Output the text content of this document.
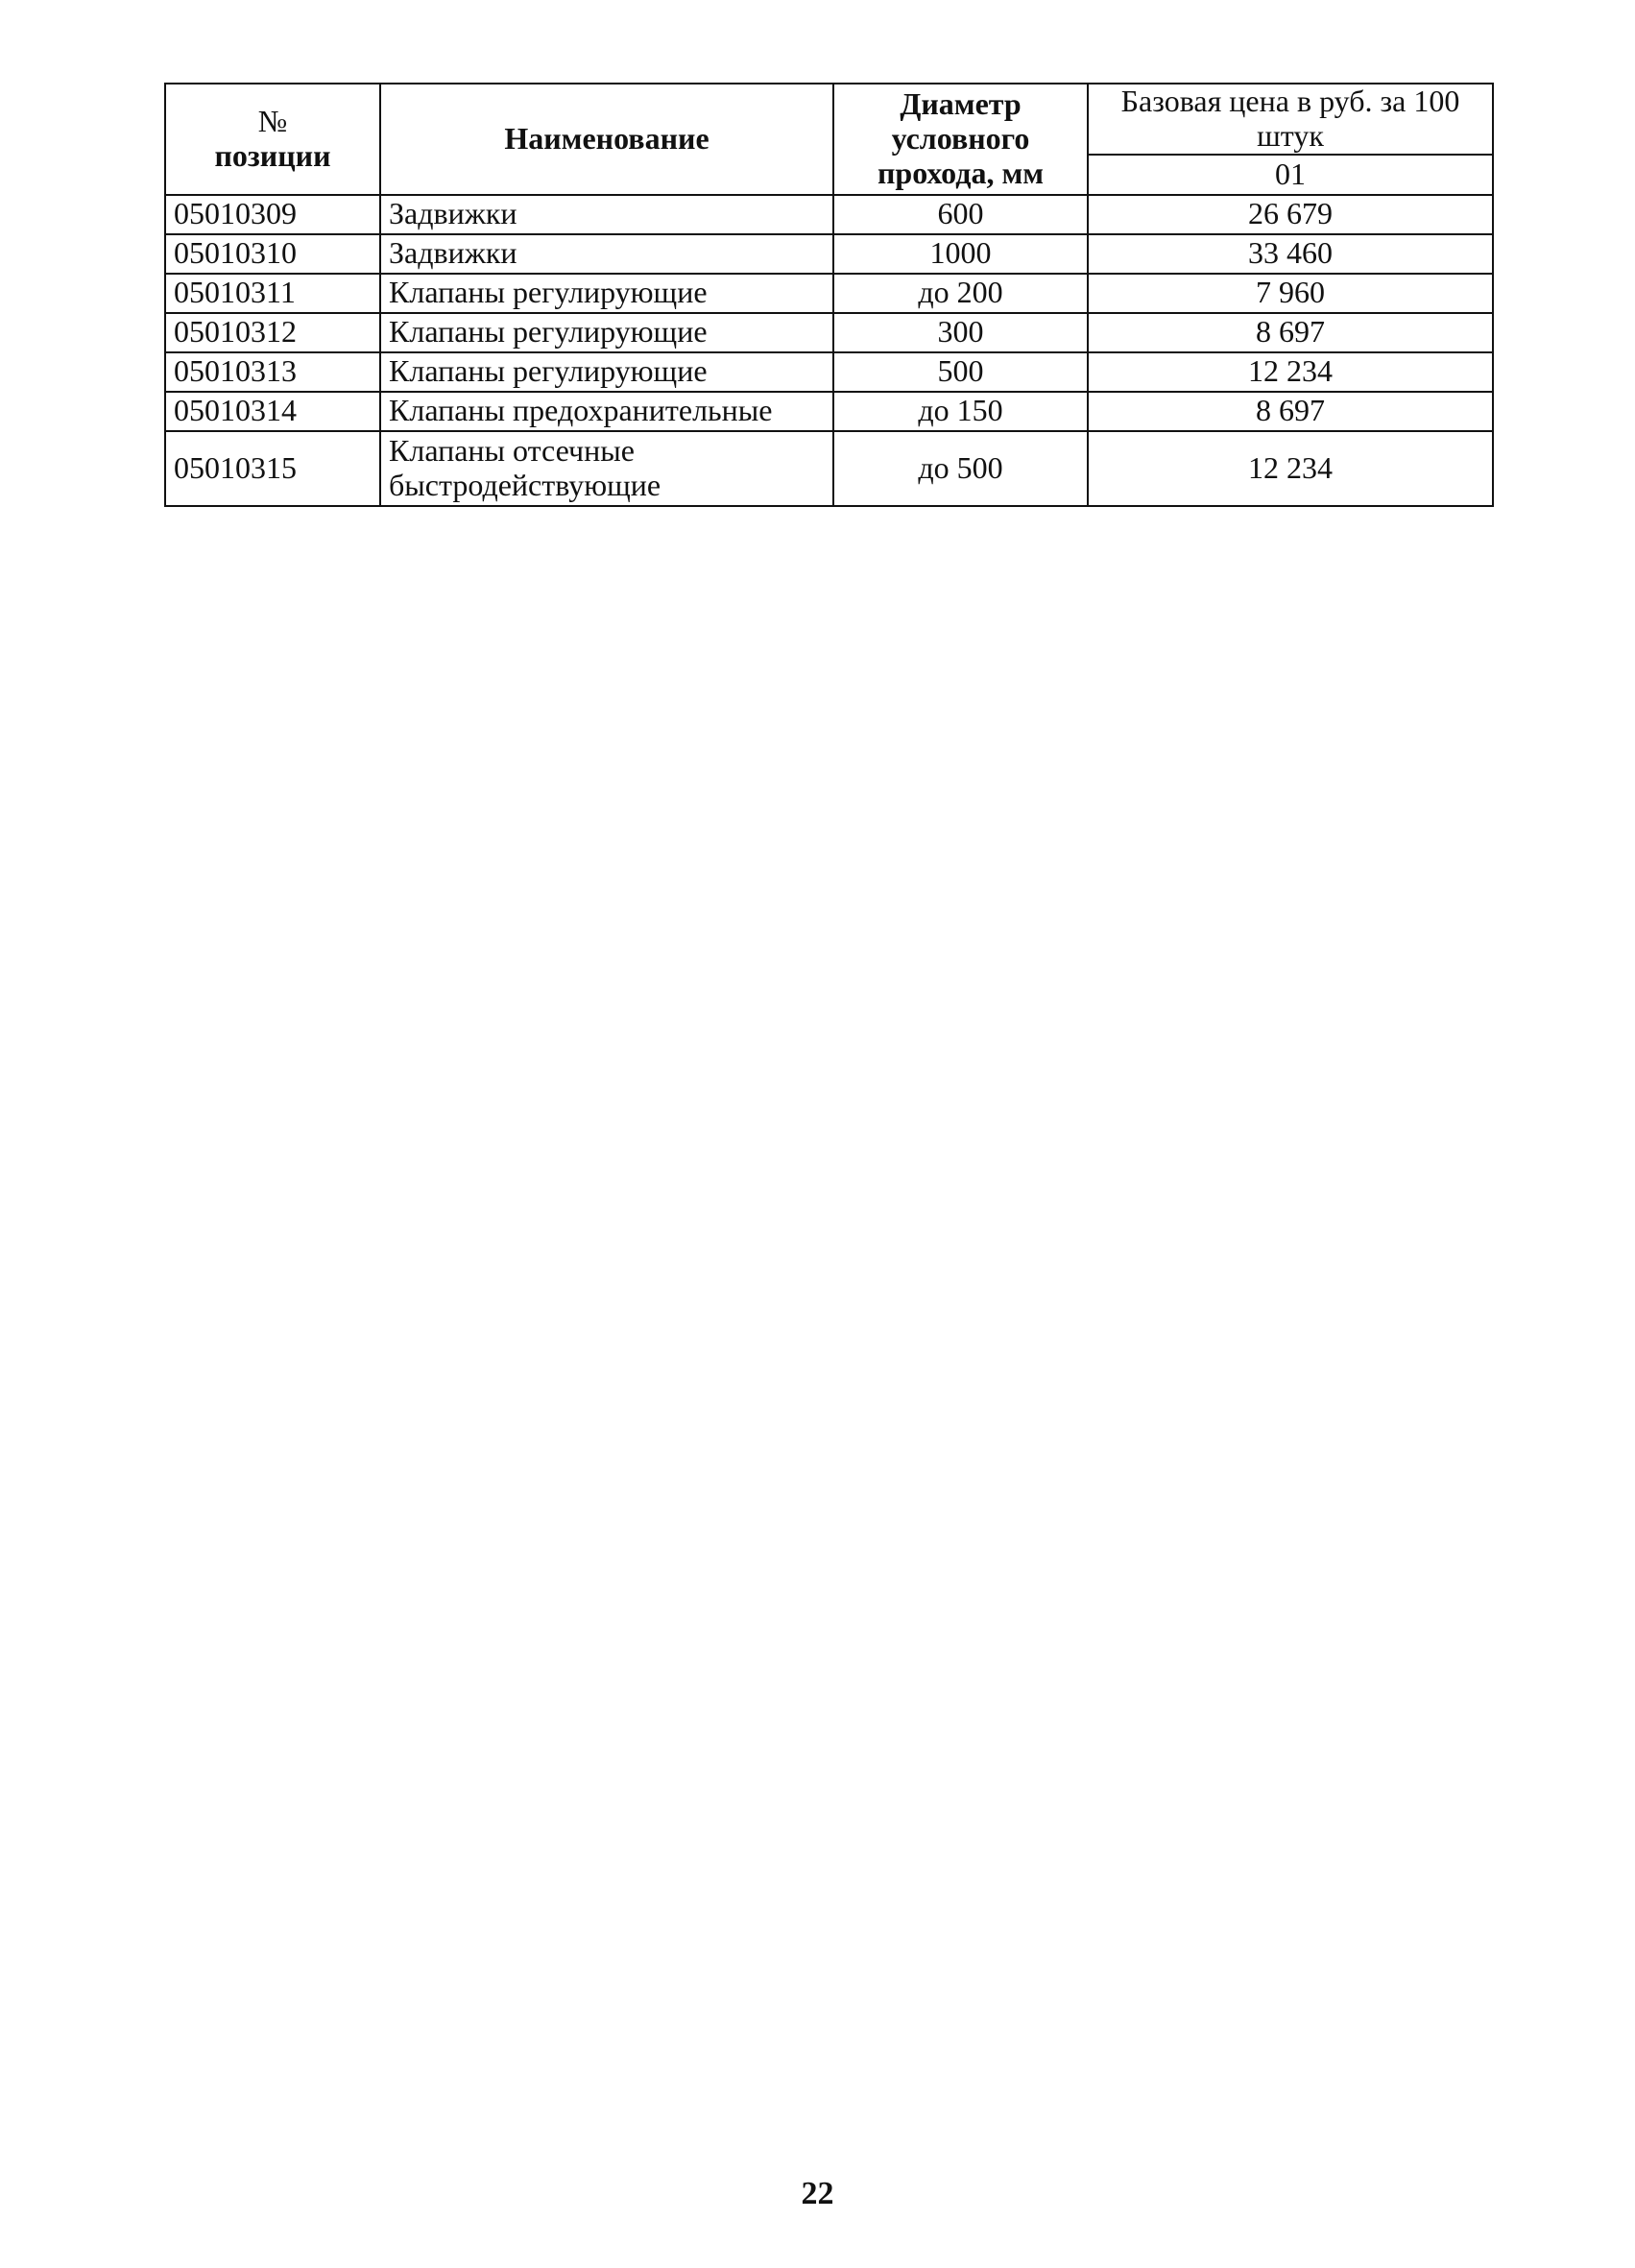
№
позиции	Наименование	Диаметр условного прохода, мм	Базовая цена в руб. за 100 штук
			01
05010309	Задвижки	600	26 679
05010310	Задвижки	1000	33 460
05010311	Клапаны регулирующие	до 200	7 960
05010312	Клапаны регулирующие	300	8 697
05010313	Клапаны регулирующие	500	12 234
05010314	Клапаны предохранительные	до 150	8 697
05010315	Клапаны отсечные быстродействующие	до 500	12 234
22
